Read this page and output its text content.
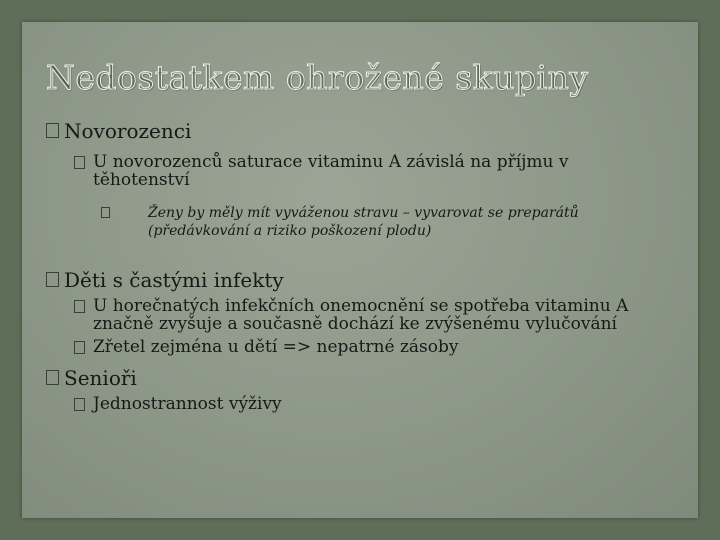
Nedostatkem ohrožené skupiny
Novorozenci
U novorozenců saturace vitaminu A závislá na příjmu v těhotenství
Ženy by měly mít vyváženou stravu – vyvarovat se preparátů (předávkování a riziko poškození plodu)
Děti s častými infekty
U horečnatých infekčních onemocnění se spotřeba vitaminu A značně zvyšuje a současně dochází ke zvýšenému vylučování
Zřetel zejména u dětí => nepatrné zásoby
Senioři
Jednostrannost výživy
